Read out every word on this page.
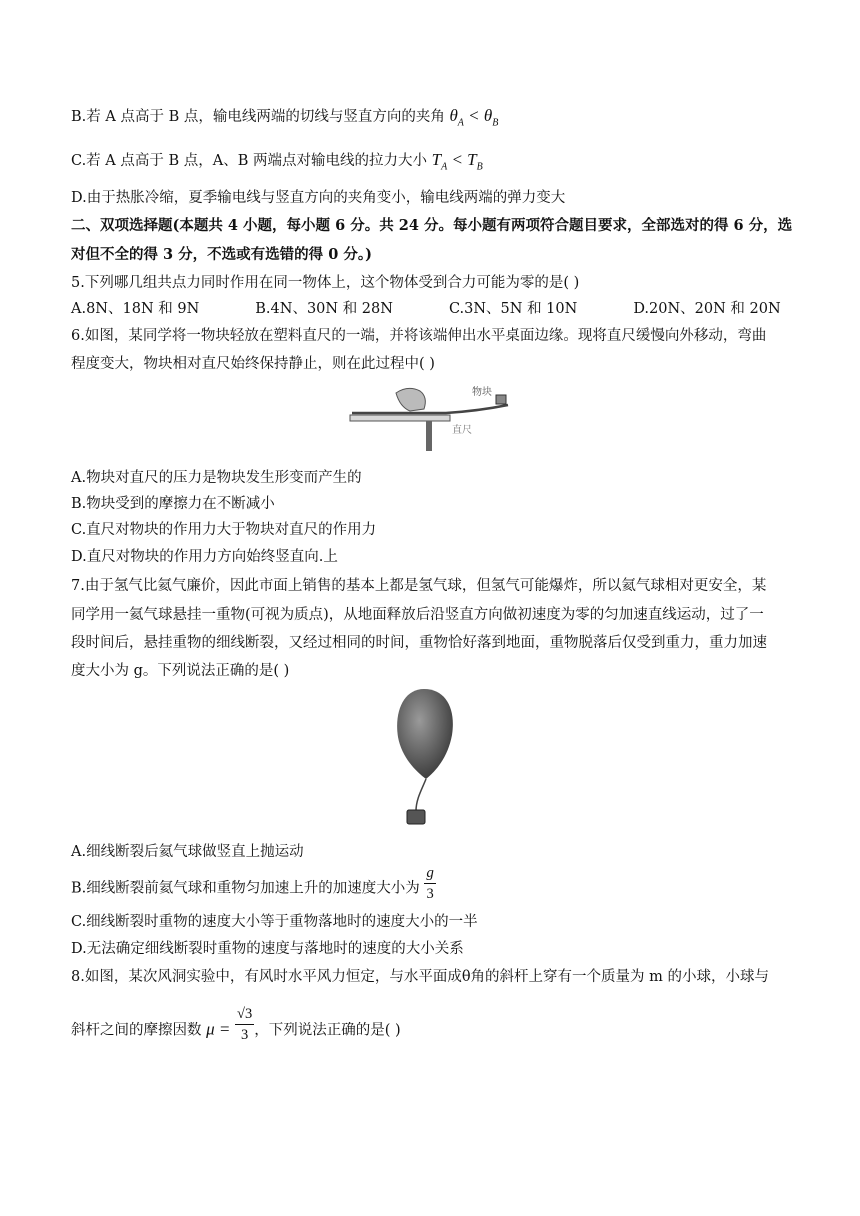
B.若 A 点高于 B 点，输电线两端的切线与竖直方向的夹角 $\theta_A < \theta_B$
C.若 A 点高于 B 点，A、B 两端点对输电线的拉力大小 $T_A < T_B$
D.由于热胀冷缩，夏季输电线与竖直方向的夹角变小，输电线两端的弹力变大
二、双项选择题(本题共 4 小题，每小题 6 分。共 24 分。每小题有两项符合题目要求，全部选对的得 6 分，选
对但不全的得 3 分，不选或有选错的得 0 分。)
5.下列哪几组共点力同时作用在同一物体上，这个物体受到合力可能为零的是( )
A.8N、18N 和 9N	B.4N、30N 和 28N	C.3N、5N 和 10N	D.20N、20N 和 20N
6.如图，某同学将一物块轻放在塑料直尺的一端，并将该端伸出水平桌面边缘。现将直尺缓慢向外移动，弯曲
程度变大，物块相对直尺始终保持静止，则在此过程中( )
物块
直尺
A.物块对直尺的压力是物块发生形变而产生的
B.物块受到的摩擦力在不断减小
C.直尺对物块的作用力大于物块对直尺的作用力
D.直尺对物块的作用力方向始终竖直向.上
7.由于氢气比氦气廉价，因此市面上销售的基本上都是氢气球，但氢气可能爆炸，所以氦气球相对更安全，某
同学用一氦气球悬挂一重物(可视为质点)，从地面释放后沿竖直方向做初速度为零的匀加速直线运动，过了一
段时间后，悬挂重物的细线断裂，又经过相同的时间，重物恰好落到地面，重物脱落后仅受到重力，重力加速
度大小为 g。下列说法正确的是( )
A.细线断裂后氦气球做竖直上抛运动
B.细线断裂前氦气球和重物匀加速上升的加速度大小为 $\frac{g}{3}$
C.细线断裂时重物的速度大小等于重物落地时的速度大小的一半
D.无法确定细线断裂时重物的速度与落地时的速度的大小关系
8.如图，某次风洞实验中，有风时水平风力恒定，与水平面成θ角的斜杆上穿有一个质量为 m 的小球，小球与
斜杆之间的摩擦因数 $\mu = \frac{√3}{3}$ ，下列说法正确的是( )
